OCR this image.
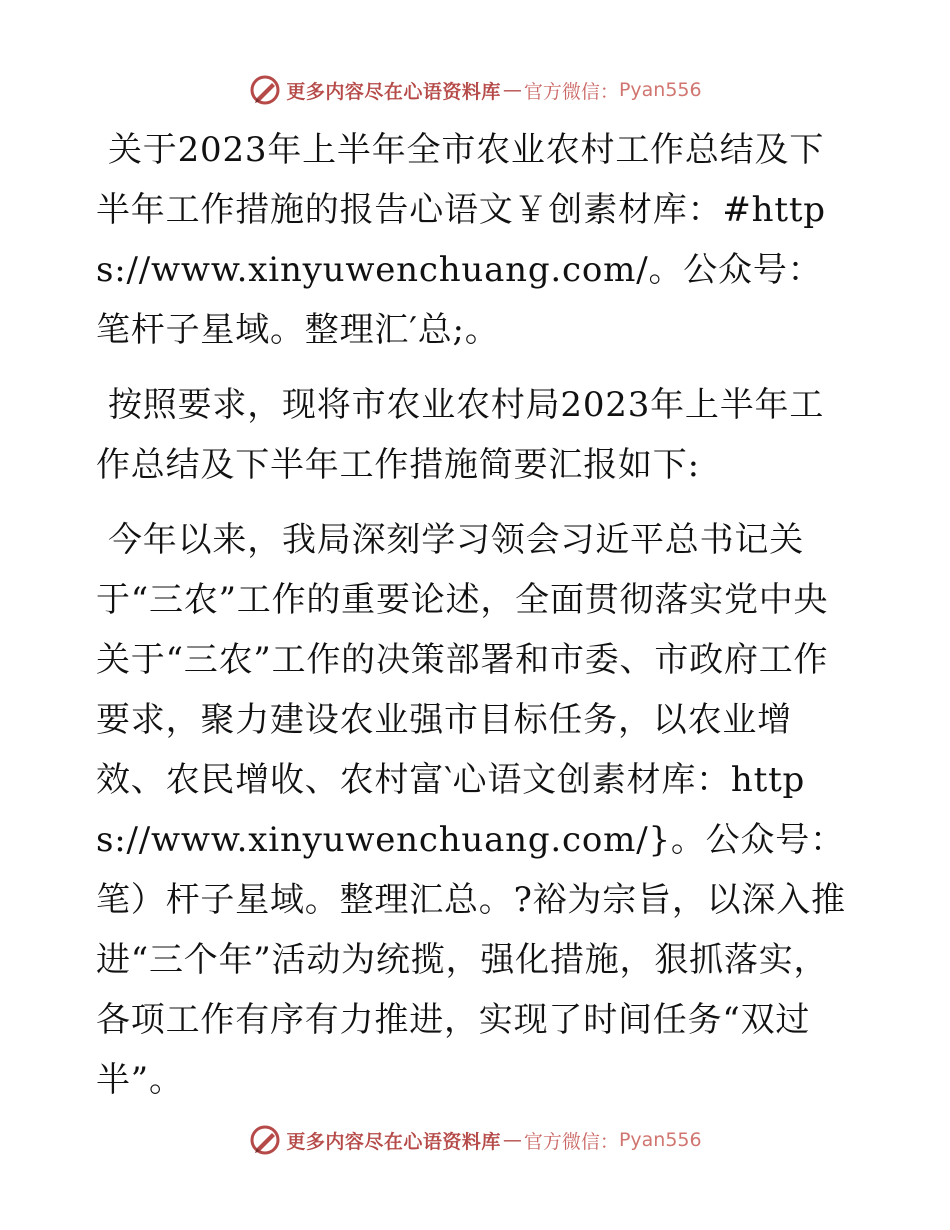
更多内容尽在心语资料库 — 官方微信： Pyan556

关于2023年上半年全市农业农村工作总结及下半年工作措施的报告心语文￥创素材库：#https://www.xinyuwenchuang.com/。公众号：笔杆子星域。整理汇′总;。

按照要求，现将市农业农村局2023年上半年工作总结及下半年工作措施简要汇报如下:

今年以来，我局深刻学习领会习近平总书记关于“三农”工作的重要论述，全面贯彻落实党中央关于“三农”工作的决策部署和市委、市政府工作要求，聚力建设农业强市目标任务，以农业增效、农民增收、农村富‵心语文创素材库：https://www.xinyuwenchuang.com/}。公众号：笔）杆子星域。整理汇总。?裕为宗旨，以深入推进“三个年”活动为统揽，强化措施，狠抓落实，各项工作有序有力推进，实现了时间任务“双过半”。

更多内容尽在心语资料库 — 官方微信： Pyan556
